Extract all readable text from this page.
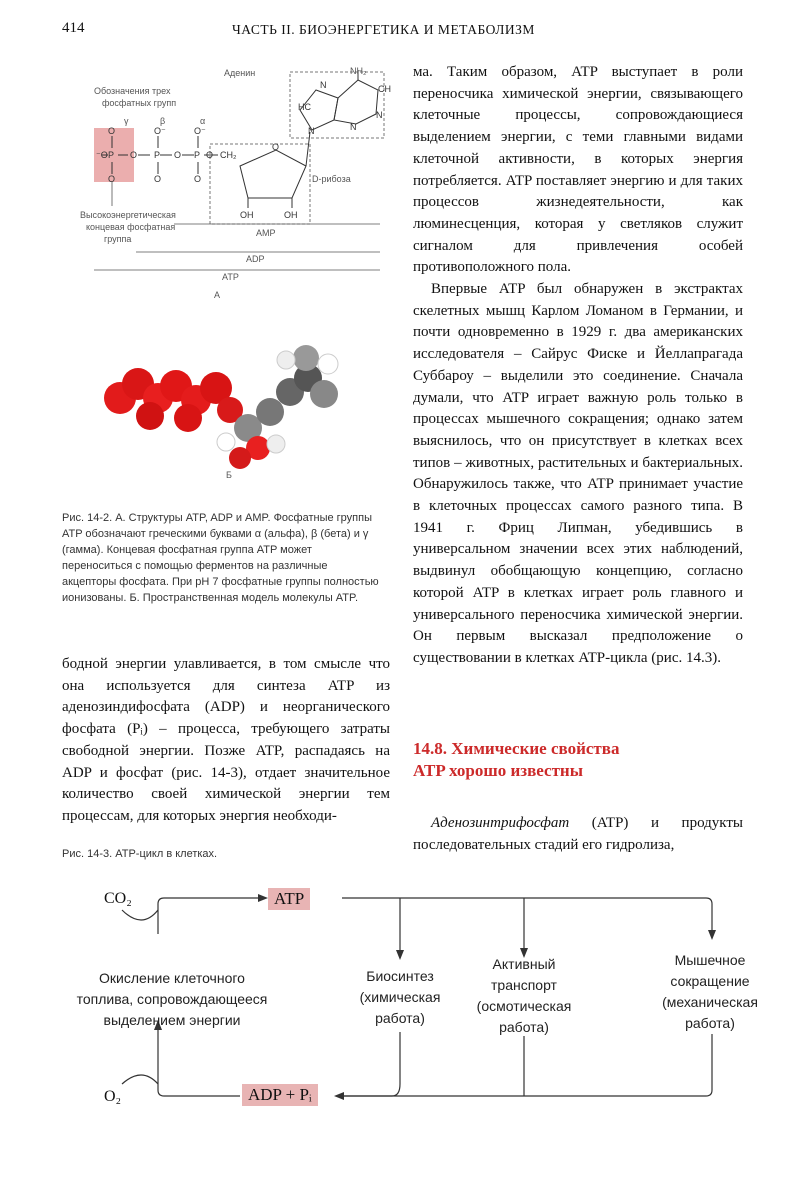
414	ЧАСТЬ II. БИОЭНЕРГЕТИКА И МЕТАБОЛИЗМ
⁻O P
O
O
O P
O⁻
O
O P
O⁻
O
O CH₂
O
OH	OH
N
N
N
N
HC
CH
Аденин	NH₂
Обозначения трех
фосфатных групп
γ	β	α
D-рибоза
Высокоэнергетическая
концевая фосфатная
группа
AMP
ADP
ATP
A
Б
Рис. 14-2. А. Структуры ATP, ADP и AMP. Фосфатные группы ATP обозначают греческими буквами α (альфа), β (бета) и γ (гамма). Концевая фосфатная группа ATP может переноситься с помощью ферментов на различные акцепторы фосфата. При pH 7 фосфатные группы полностью ионизованы. Б. Пространственная модель молекулы ATP.

бодной энергии улавливается, в том смысле что она используется для синтеза ATP из аденозиндифосфата (ADP) и неорганического фосфата (Pᵢ) – процесса, требующего затраты свободной энергии. Позже ATP, распадаясь на ADP и фосфат (рис. 14-3), отдает значительное количество своей химической энергии тем процессам, для которых энергия необходи-

ма. Таким образом, ATP выступает в роли переносчика химической энергии, связывающего клеточные процессы, сопровождающиеся выделением энергии, с теми главными видами клеточной активности, в которых энергия потребляется. ATP поставляет энергию и для таких процессов жизнедеятельности, как люминесценция, которая у светляков служит сигналом для привлечения особей противоположного пола.

Впервые ATP был обнаружен в экстрактах скелетных мышц Карлом Ломаном в Германии, и почти одновременно в 1929 г. два американских исследователя – Сайрус Фиске и Йеллапрагада Суббароу – выделили это соединение. Сначала думали, что ATP играет важную роль только в процессах мышечного сокращения; однако затем выяснилось, что он присутствует в клетках всех типов – животных, растительных и бактериальных. Обнаружилось также, что ATP принимает участие в клеточных процессах самого разного типа. В 1941 г. Фриц Липман, убедившись в универсальном значении всех этих наблюдений, выдвинул обобщающую концепцию, согласно которой ATP в клетках играет роль главного и универсального переносчика химической энергии. Он первым высказал предположение о существовании в клетках ATP-цикла (рис. 14.3).

14.8. Химические свойства
ATP хорошо известны

Аденозинтрифосфат (ATP) и продукты последовательных стадий его гидролиза,

Рис. 14-3. ATP-цикл в клетках.
CO₂
O₂
ATP
ADP + Pᵢ
Окисление клеточного
топлива, сопровождающееся
выделением энергии
Биосинтез
(химическая
работа)
Активный
транспорт
(осмотическая
работа)
Мышечное
сокращение
(механическая
работа)
